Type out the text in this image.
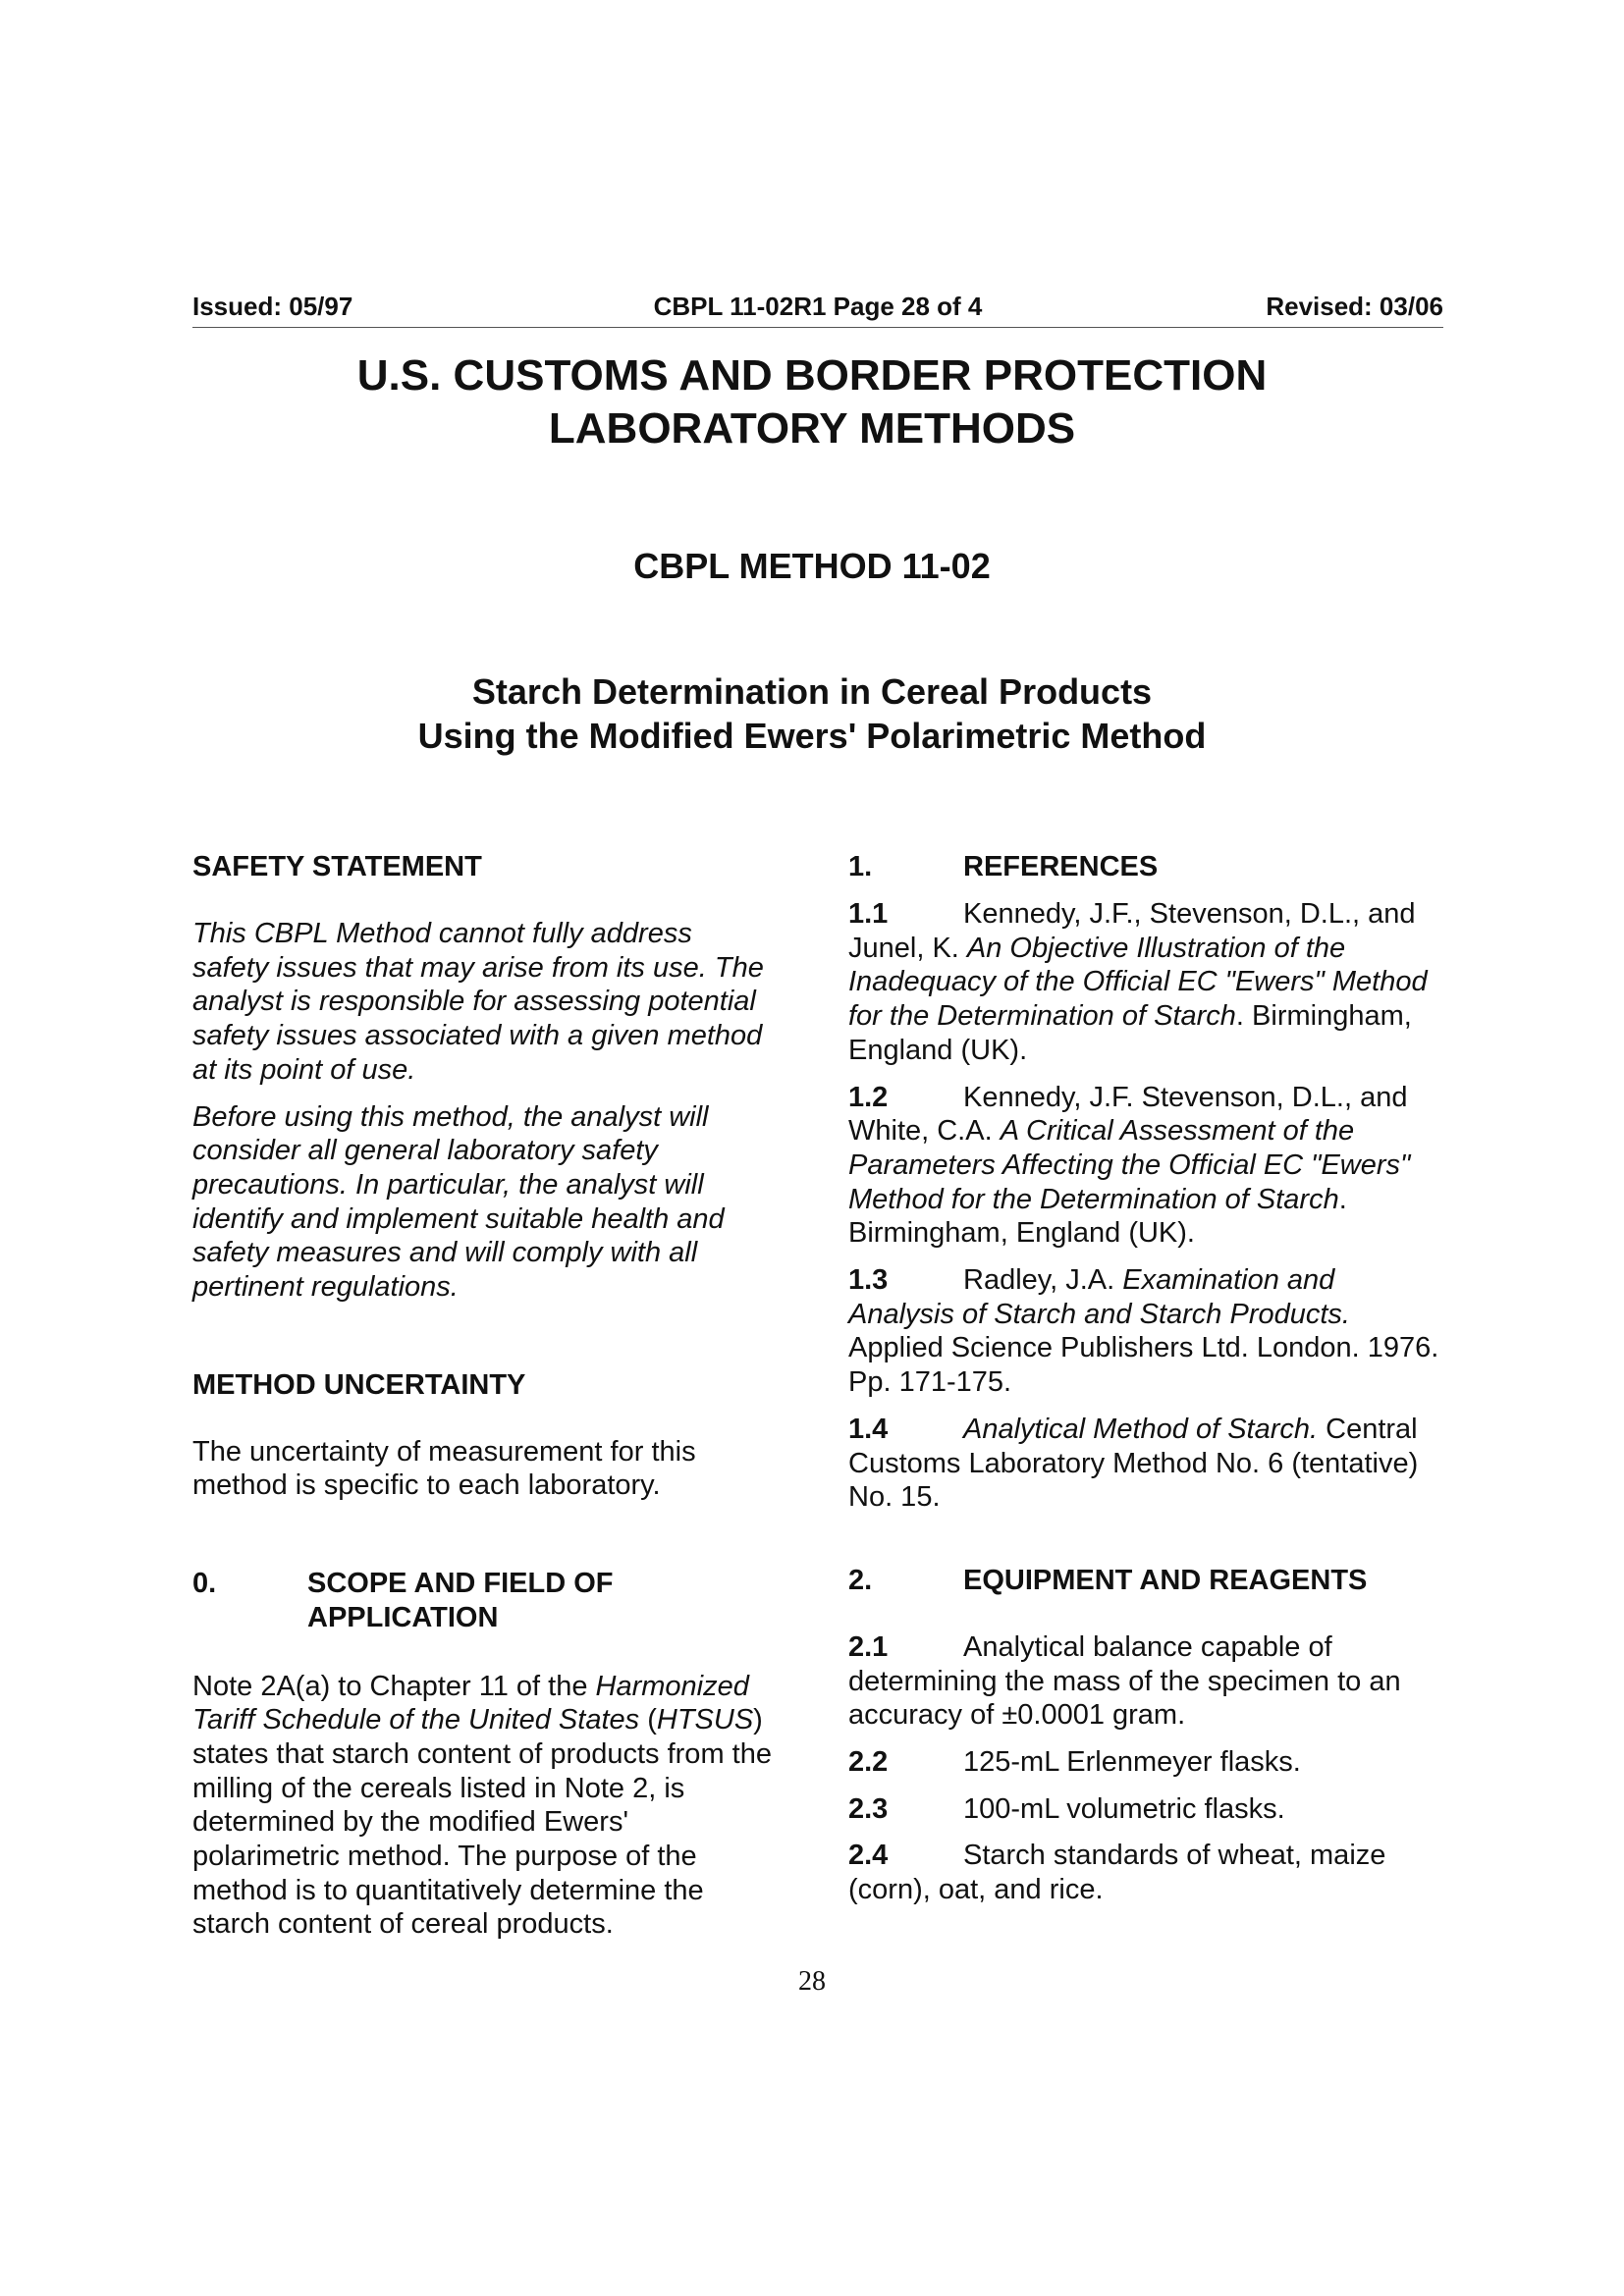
Issued: 05/97	CBPL 11-02R1 Page 28 of 4	Revised: 03/06
U.S. CUSTOMS AND BORDER PROTECTION
LABORATORY METHODS
CBPL METHOD 11-02
Starch Determination in Cereal Products
Using the Modified Ewers' Polarimetric Method
SAFETY STATEMENT

This CBPL Method cannot fully address safety issues that may arise from its use. The analyst is responsible for assessing potential safety issues associated with a given method at its point of use.

Before using this method, the analyst will consider all general laboratory safety precautions. In particular, the analyst will identify and implement suitable health and safety measures and will comply with all pertinent regulations.

METHOD UNCERTAINTY

The uncertainty of measurement for this method is specific to each laboratory.

0.	SCOPE AND FIELD OF APPLICATION

Note 2A(a) to Chapter 11 of the Harmonized Tariff Schedule of the United States (HTSUS) states that starch content of products from the milling of the cereals listed in Note 2, is determined by the modified Ewers' polarimetric method. The purpose of the method is to quantitatively determine the starch content of cereal products.

1.	REFERENCES

1.1	Kennedy, J.F., Stevenson, D.L., and Junel, K. An Objective Illustration of the Inadequacy of the Official EC "Ewers" Method for the Determination of Starch. Birmingham, England (UK).

1.2	Kennedy, J.F. Stevenson, D.L., and White, C.A. A Critical Assessment of the Parameters Affecting the Official EC "Ewers" Method for the Determination of Starch. Birmingham, England (UK).

1.3	Radley, J.A. Examination and Analysis of Starch and Starch Products. Applied Science Publishers Ltd. London. 1976. Pp. 171-175.

1.4	Analytical Method of Starch. Central Customs Laboratory Method No. 6 (tentative) No. 15.

2.	EQUIPMENT AND REAGENTS

2.1	Analytical balance capable of determining the mass of the specimen to an accuracy of ±0.0001 gram.

2.2	125-mL Erlenmeyer flasks.

2.3	100-mL volumetric flasks.

2.4	Starch standards of wheat, maize (corn), oat, and rice.

28
